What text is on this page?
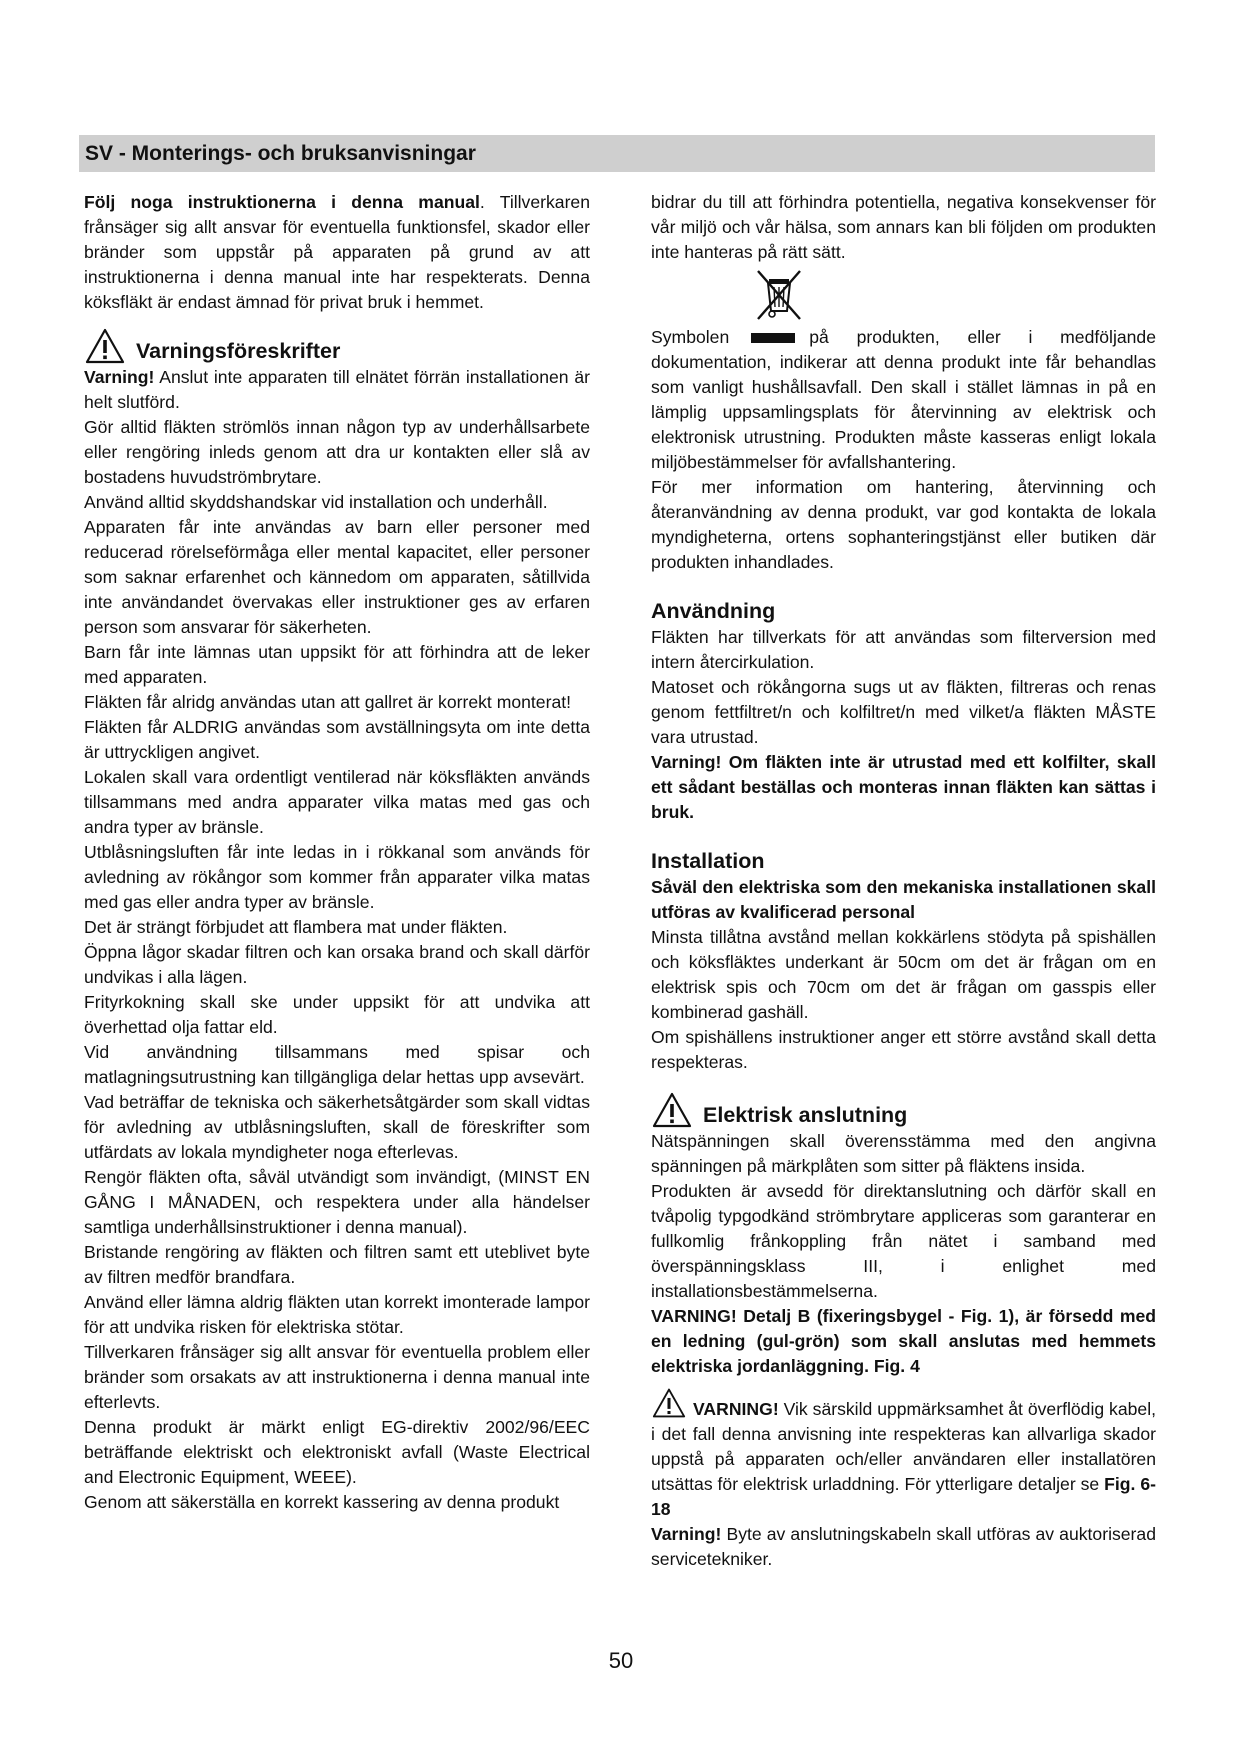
SV - Monterings- och bruksanvisningar

Följ noga instruktionerna i denna manual. Tillverkaren frånsäger sig allt ansvar för eventuella funktionsfel, skador eller bränder som uppstår på apparaten på grund av att instruktionerna i denna manual inte har respekterats. Denna köksfläkt är endast ämnad för privat bruk i hemmet.

Varningsföreskrifter

Varning! Anslut inte apparaten till elnätet förrän installationen är helt slutförd.

Gör alltid fläkten strömlös innan någon typ av underhållsarbete eller rengöring inleds genom att dra ur kontakten eller slå av bostadens huvudströmbrytare.

Använd alltid skyddshandskar vid installation och underhåll.

Apparaten får inte användas av barn eller personer med reducerad rörelseförmåga eller mental kapacitet, eller personer som saknar erfarenhet och kännedom om apparaten, såtillvida inte användandet övervakas eller instruktioner ges av erfaren person som ansvarar för säkerheten.

Barn får inte lämnas utan uppsikt för att förhindra att de leker med apparaten.

Fläkten får alridg användas utan att gallret är korrekt monterat!

Fläkten får ALDRIG användas som avställningsyta om inte detta är uttryckligen angivet.

Lokalen skall vara ordentligt ventilerad när köksfläkten används tillsammans med andra apparater vilka matas med gas och andra typer av bränsle.

Utblåsningsluften får inte ledas in i rökkanal som används för avledning av rökångor som kommer från apparater vilka matas med gas eller andra typer av bränsle.

Det är strängt förbjudet att flambera mat under fläkten.

Öppna lågor skadar filtren och kan orsaka brand och skall därför undvikas i alla lägen.

Frityrkokning skall ske under uppsikt för att undvika att överhettad olja fattar eld.

Vid användning tillsammans med spisar och matlagningsutrustning kan tillgängliga delar hettas upp avsevärt.

Vad beträffar de tekniska och säkerhetsåtgärder som skall vidtas för avledning av utblåsningsluften, skall de föreskrifter som utfärdats av lokala myndigheter noga efterlevas.

Rengör fläkten ofta, såväl utvändigt som invändigt, (MINST EN GÅNG I MÅNADEN, och respektera under alla händelser samtliga underhållsinstruktioner i denna manual).

Bristande rengöring av fläkten och filtren samt ett uteblivet byte av filtren medför brandfara.

Använd eller lämna aldrig fläkten utan korrekt imonterade lampor för att undvika risken för elektriska stötar.

Tillverkaren frånsäger sig allt ansvar för eventuella problem eller bränder som orsakats av att instruktionerna i denna manual inte efterlevts.

Denna produkt är märkt enligt EG-direktiv 2002/96/EEC beträffande elektriskt och elektroniskt avfall (Waste Electrical and Electronic Equipment, WEEE).

Genom att säkerställa en korrekt kassering av denna produkt

bidrar du till att förhindra potentiella, negativa konsekvenser för vår miljö och vår hälsa, som annars kan bli följden om produkten inte hanteras på rätt sätt.

Symbolen	på produkten, eller i medföljande dokumentation, indikerar att denna produkt inte får behandlas som vanligt hushållsavfall. Den skall i stället lämnas in på en lämplig uppsamlingsplats för återvinning av elektrisk och elektronisk utrustning. Produkten måste kasseras enligt lokala miljöbestämmelser för avfallshantering.

För mer information om hantering, återvinning och återanvändning av denna produkt, var god kontakta de lokala myndigheterna, ortens sophanteringstjänst eller butiken där produkten inhandlades.

Användning

Fläkten har tillverkats för att användas som filterversion med intern återcirkulation.

Matoset och rökångorna sugs ut av fläkten, filtreras och renas genom fettfiltret/n och kolfiltret/n med vilket/a fläkten MÅSTE vara utrustad.

Varning! Om fläkten inte är utrustad med ett kolfilter, skall ett sådant beställas och monteras innan fläkten kan sättas i bruk.

Installation

Såväl den elektriska som den mekaniska installationen skall utföras av kvalificerad personal

Minsta tillåtna avstånd mellan kokkärlens stödyta på spishällen och köksfläktes underkant är 50cm om det är frågan om en elektrisk spis och 70cm om det är frågan om gasspis eller kombinerad gashäll.

Om spishällens instruktioner anger ett större avstånd skall detta respekteras.

Elektrisk anslutning

Nätspänningen skall överensstämma med den angivna spänningen på märkplåten som sitter på fläktens insida.

Produkten är avsedd för direktanslutning och därför skall en tvåpolig typgodkänd strömbrytare appliceras som garanterar en fullkomlig frånkoppling från nätet i samband med överspänningsklass III, i enlighet med installationsbestämmelserna.

VARNING! Detalj B (fixeringsbygel - Fig. 1), är försedd med en ledning (gul-grön) som skall anslutas med hemmets elektriska jordanläggning. Fig. 4

VARNING! Vik särskild uppmärksamhet åt överflödig kabel, i det fall denna anvisning inte respekteras kan allvarliga skador uppstå på apparaten och/eller användaren eller installatören utsättas för elektrisk urladdning. För ytterligare detaljer se Fig. 6-18

Varning! Byte av anslutningskabeln skall utföras av auktoriserad servicetekniker.

50
